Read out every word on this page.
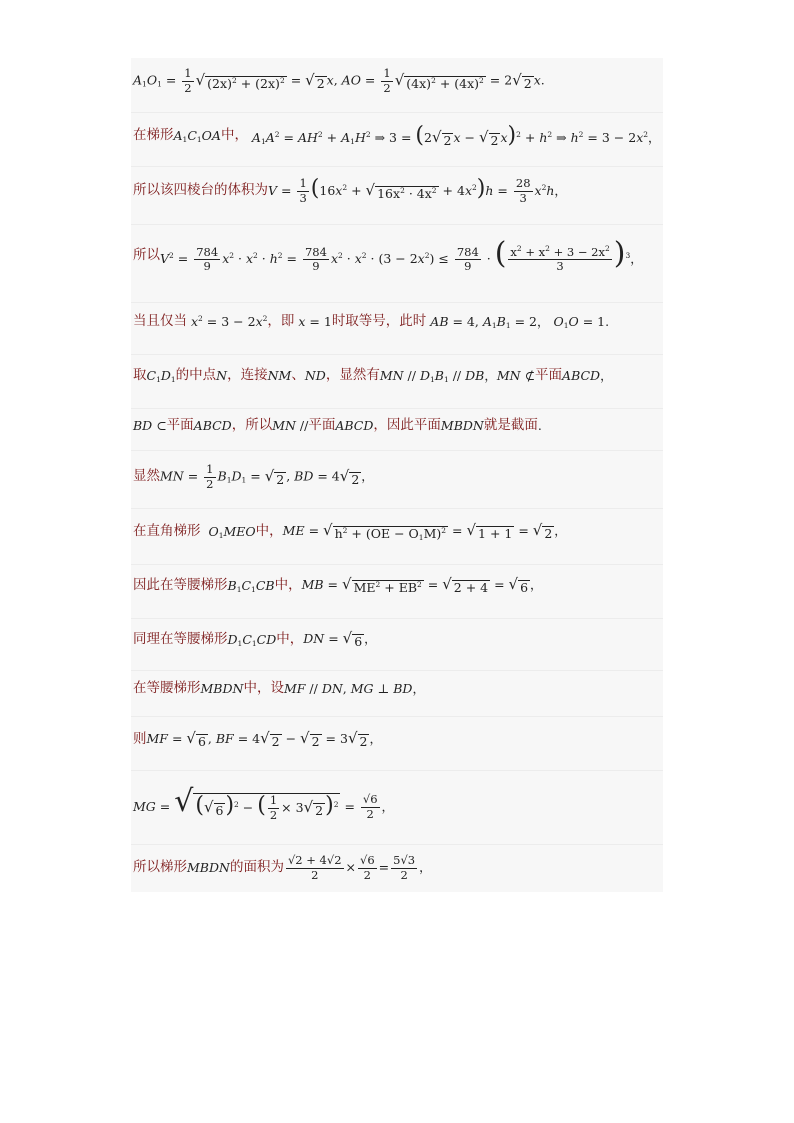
$A_1O_1 = \frac{1}{2}$ √ $(2x)^2 + (2x)^2$ = √ 2 x, AO = $\frac{1}{2}$ √ $(4x)^2 + (4x)^2 = 2$ √ 2 x.
在梯形 $A_1C_1OA$ 中， $A_1A^2 = AH^2 + A_1H^2$ ⇒ 3 = (2 √ 2 x − √ 2 $x)^2 + h^2$ ⇒ $h^2 = 3 - 2x^2$，
所以该四棱台的体积为 $V = \frac{1}{3} (16x^2$ + √ $16x^2 \cdot 4x^2 + 4x^2)h = \frac{28}{3} x^2h$，
所以 $V^2 = \frac{784}{9} x^2 \cdot x^2 \cdot h^2 = \frac{784}{9} x^2 \cdot x^2 \cdot (3 - 2x^2) \le \frac{784}{9}$ · ( $\frac{x^2 + x^2 + 3 - 2x^2}{3} )^3$，
当且仅当 $x^2 = 3 - 2x^2$ ，即 x = 1 时取等号，此时 AB = 4, $A_1B_1 = 2$， $O_1O = 1$.
取 $C_1D_1$ 的中点 N ，连接 NM 、 ND ，显然有 MN // $D_1B_1$ // DB，MN ⊄ 平面 ABCD，
BD ⊂ 平面 ABCD ，所以 MN // 平面 ABCD ，因此平面 MBDN 就是截面 .
显然 MN = $\frac{1}{2} B_1D_1$ = √ 2 , BD = 4 √ 2 ，
在直角梯形 $O_1MEO$ 中， ME = √ $h^2 + (OE - O_1M)^2$ = √ 1 + 1 = √ 2 ，
因此在等腰梯形 $B_1C_1CB$ 中， MB = √ $ME^2 + EB^2$ = √ 2 + 4 = √ 6 ，
同理在等腰梯形 $D_1C_1CD$ 中， DN = √ 6 ，
在等腰梯形 MBDN 中，设 MF // DN, MG ⊥ BD，
则 MF = √ 6 , BF = 4 √ 2 − √ 2 = 3 √ 2 ，
MG = √ ( √ 6 )$^2$ − ( $\frac{1}{2} \times 3$ √ 2 )$^2 = \frac{√6}{2}$ ，
所以梯形 MBDN 的面积为 $\frac{√2 + 4√2}{2} \times \frac{√6}{2} = \frac{5√3}{2}$ ，
